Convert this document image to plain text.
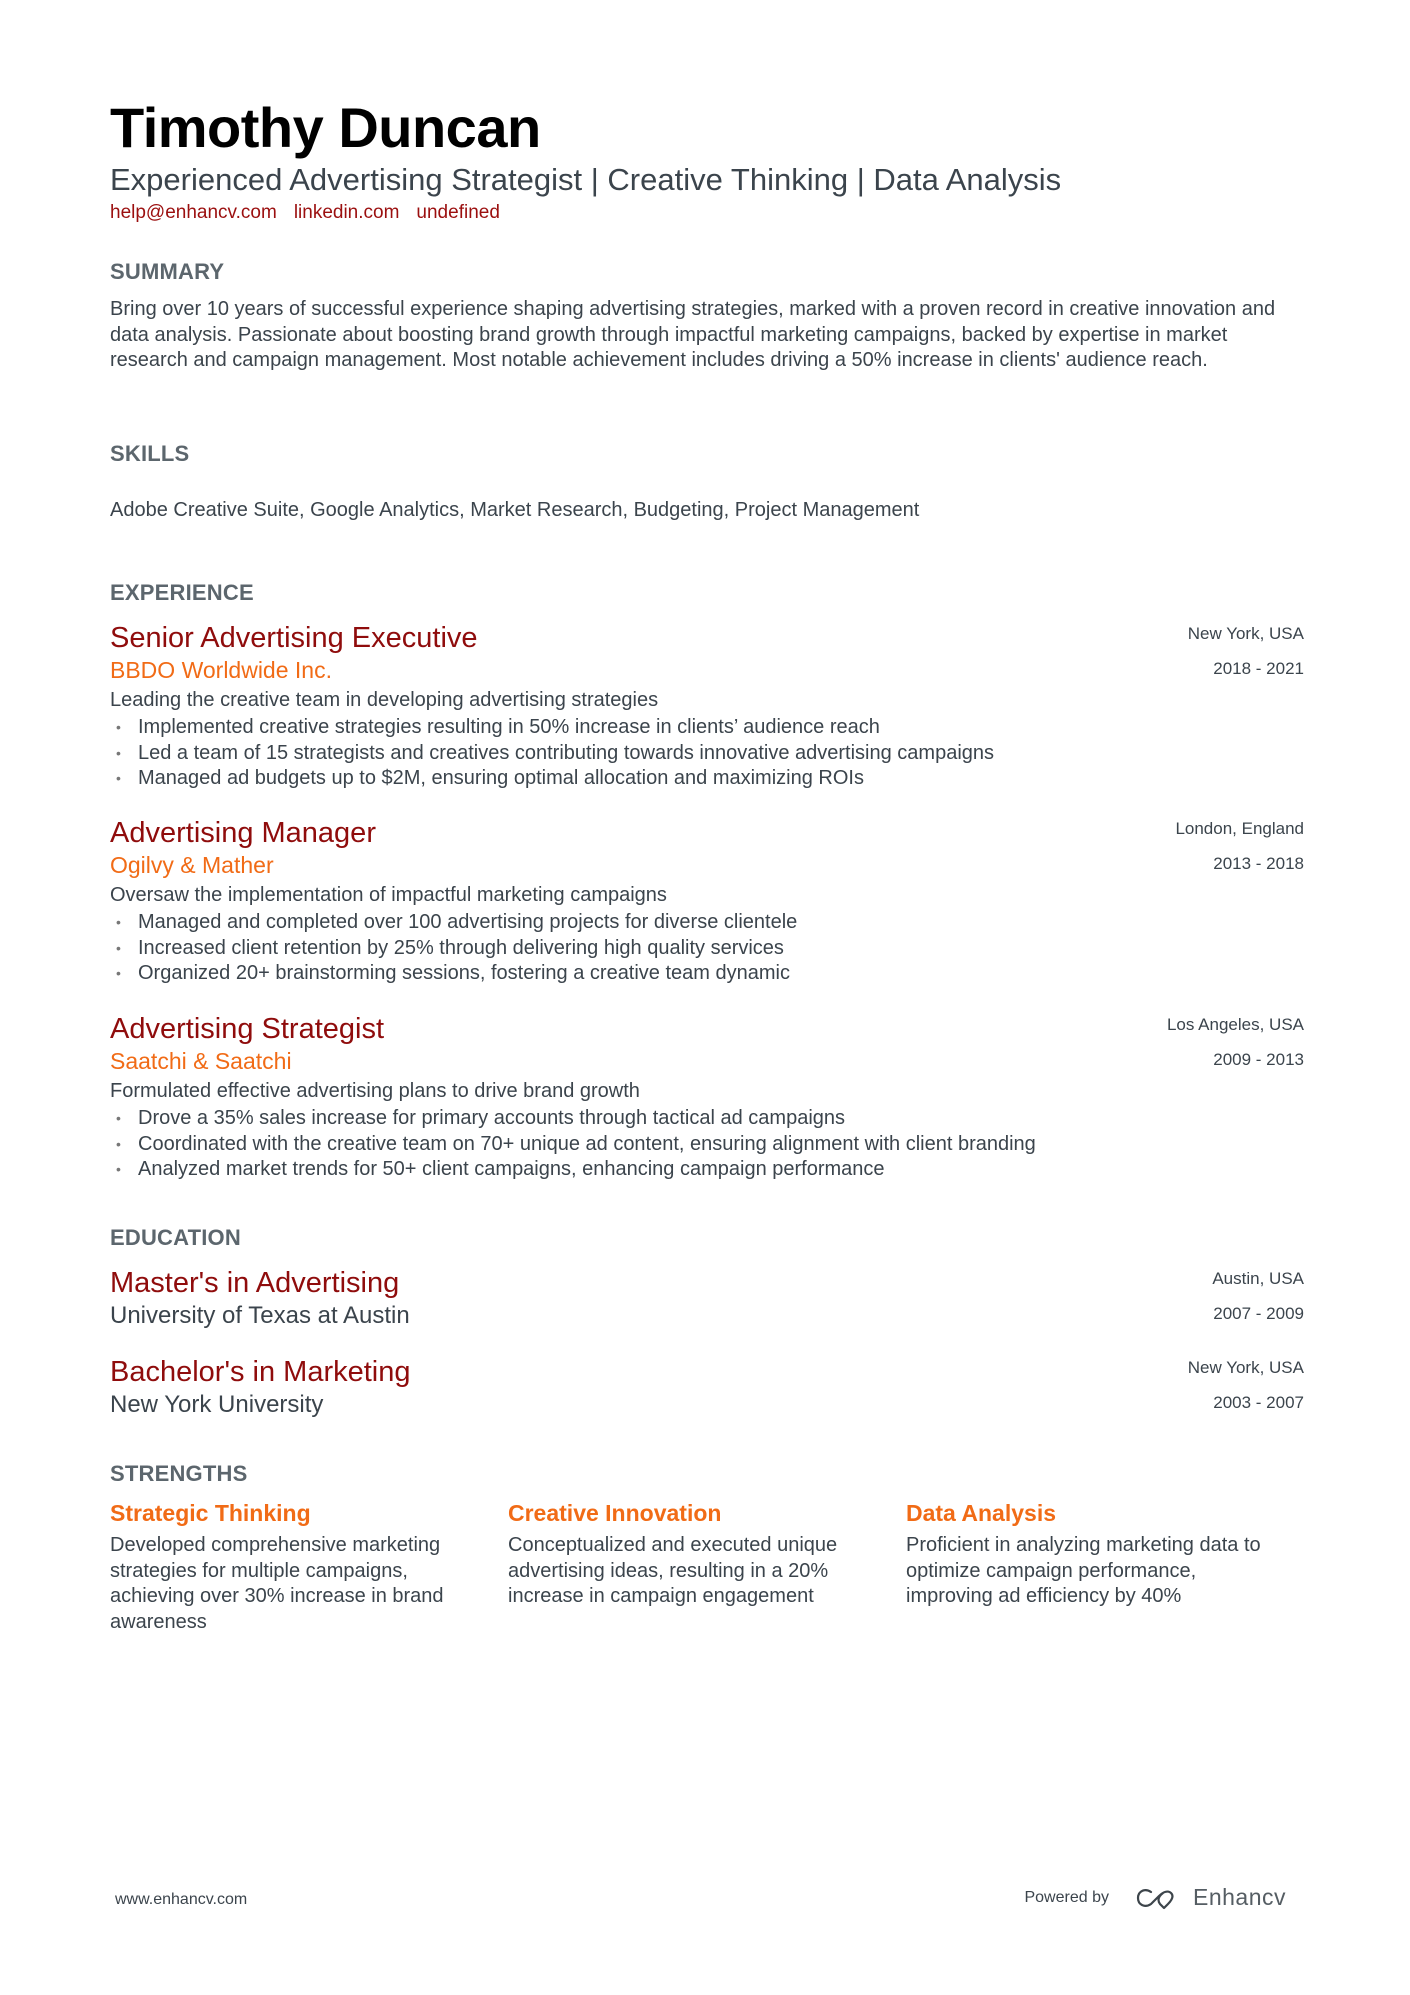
Timothy Duncan
Experienced Advertising Strategist | Creative Thinking | Data Analysis
help@enhancv.com linkedin.com undefined
SUMMARY
Bring over 10 years of successful experience shaping advertising strategies, marked with a proven record in creative innovation and data analysis. Passionate about boosting brand growth through impactful marketing campaigns, backed by expertise in market research and campaign management. Most notable achievement includes driving a 50% increase in clients' audience reach.
SKILLS
Adobe Creative Suite, Google Analytics, Market Research, Budgeting, Project Management
EXPERIENCE
Senior Advertising Executive
BBDO Worldwide Inc.
Leading the creative team in developing advertising strategies
• Implemented creative strategies resulting in 50% increase in clients’ audience reach
• Led a team of 15 strategists and creatives contributing towards innovative advertising campaigns
• Managed ad budgets up to $2M, ensuring optimal allocation and maximizing ROIs
New York, USA
2018 - 2021
Advertising Manager
Ogilvy & Mather
Oversaw the implementation of impactful marketing campaigns
• Managed and completed over 100 advertising projects for diverse clientele
• Increased client retention by 25% through delivering high quality services
• Organized 20+ brainstorming sessions, fostering a creative team dynamic
London, England
2013 - 2018
Advertising Strategist
Saatchi & Saatchi
Formulated effective advertising plans to drive brand growth
• Drove a 35% sales increase for primary accounts through tactical ad campaigns
• Coordinated with the creative team on 70+ unique ad content, ensuring alignment with client branding
• Analyzed market trends for 50+ client campaigns, enhancing campaign performance
Los Angeles, USA
2009 - 2013
EDUCATION
Master's in Advertising
University of Texas at Austin
Austin, USA
2007 - 2009
Bachelor's in Marketing
New York University
New York, USA
2003 - 2007
STRENGTHS
Strategic Thinking
Developed comprehensive marketing strategies for multiple campaigns, achieving over 30% increase in brand awareness
Creative Innovation
Conceptualized and executed unique advertising ideas, resulting in a 20% increase in campaign engagement
Data Analysis
Proficient in analyzing marketing data to optimize campaign performance, improving ad efficiency by 40%
www.enhancv.com	Powered by	Enhancv
